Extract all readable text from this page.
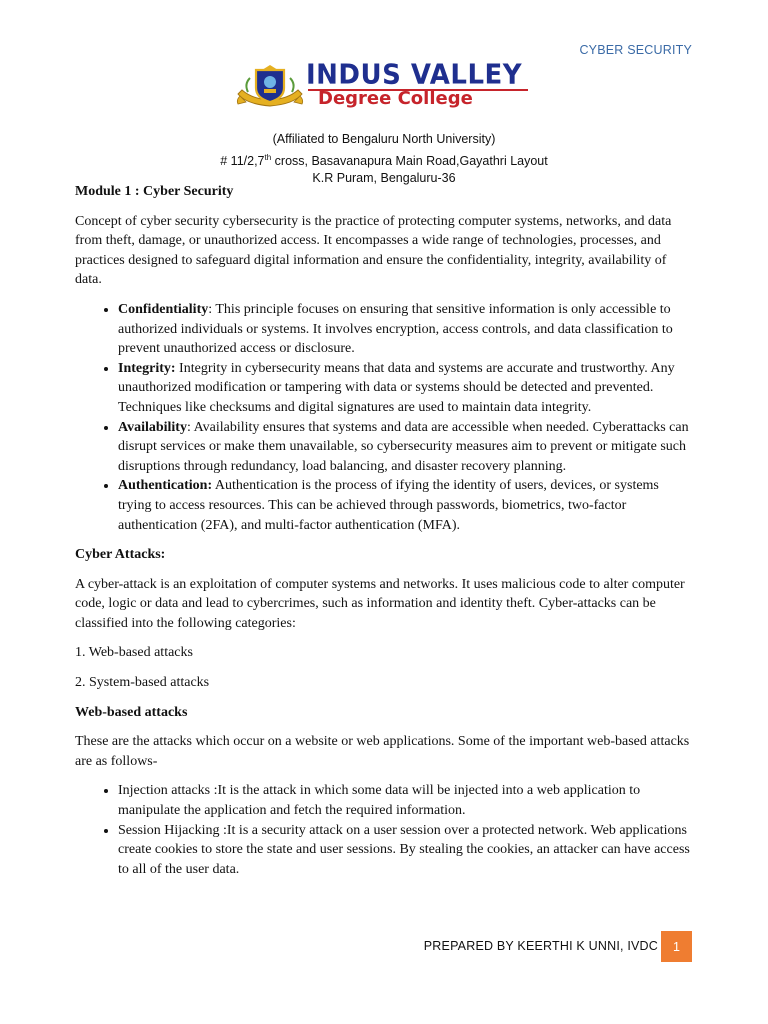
CYBER SECURITY
INDUS VALLEY
Degree College
(Affiliated to Bengaluru North University)
# 11/2,7th cross, Basavanapura Main Road,Gayathri Layout
K.R Puram, Bengaluru-36
Module 1 : Cyber Security

Concept of cyber security cybersecurity is the practice of protecting computer systems, networks, and data from theft, damage, or unauthorized access. It encompasses a wide range of technologies, processes, and practices designed to safeguard digital information and ensure the confidentiality, integrity, availability of data.

• Confidentiality: This principle focuses on ensuring that sensitive information is only accessible to authorized individuals or systems. It involves encryption, access controls, and data classification to prevent unauthorized access or disclosure.
• Integrity: Integrity in cybersecurity means that data and systems are accurate and trustworthy. Any unauthorized modification or tampering with data or systems should be detected and prevented. Techniques like checksums and digital signatures are used to maintain data integrity.
• Availability: Availability ensures that systems and data are accessible when needed. Cyberattacks can disrupt services or make them unavailable, so cybersecurity measures aim to prevent or mitigate such disruptions through redundancy, load balancing, and disaster recovery planning.
• Authentication: Authentication is the process of ifying the identity of users, devices, or systems trying to access resources. This can be achieved through passwords, biometrics, two-factor authentication (2FA), and multi-factor authentication (MFA).
Cyber Attacks:

A cyber-attack is an exploitation of computer systems and networks. It uses malicious code to alter computer code, logic or data and lead to cybercrimes, such as information and identity theft. Cyber-attacks can be classified into the following categories:

1. Web-based attacks

2. System-based attacks

Web-based attacks

These are the attacks which occur on a website or web applications. Some of the important web-based attacks are as follows-

• Injection attacks :It is the attack in which some data will be injected into a web application to manipulate the application and fetch the required information.
• Session Hijacking :It is a security attack on a user session over a protected network. Web applications create cookies to store the state and user sessions. By stealing the cookies, an attacker can have access to all of the user data.
PREPARED BY KEERTHI K UNNI, IVDC	1
